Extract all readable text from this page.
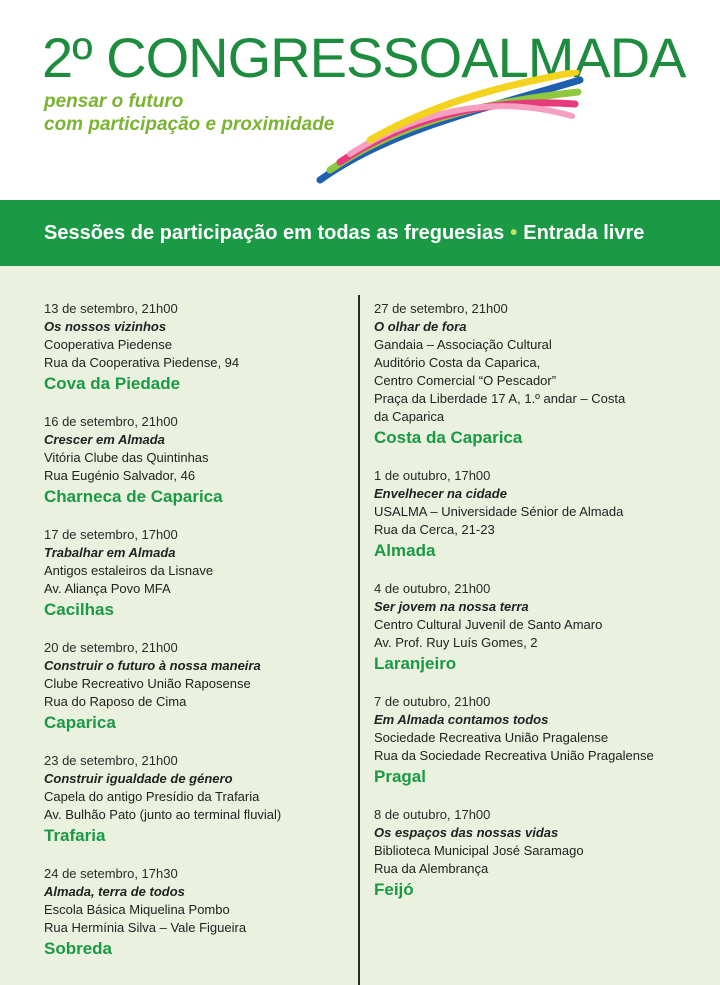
2º CONGRESSOALMADA
pensar o futuro
com participação e proximidade
Sessões de participação em todas as freguesias • Entrada livre
13 de setembro, 21h00
Os nossos vizinhos
Cooperativa Piedense
Rua da Cooperativa Piedense, 94
Cova da Piedade
16 de setembro, 21h00
Crescer em Almada
Vitória Clube das Quintinhas
Rua Eugénio Salvador, 46
Charneca de Caparica
17 de setembro, 17h00
Trabalhar em Almada
Antigos estaleiros da Lisnave
Av. Aliança Povo MFA
Cacilhas
20 de setembro, 21h00
Construir o futuro à nossa maneira
Clube Recreativo União Raposense
Rua do Raposo de Cima
Caparica
23 de setembro, 21h00
Construir igualdade de género
Capela do antigo Presídio da Trafaria
Av. Bulhão Pato (junto ao terminal fluvial)
Trafaria
24 de setembro, 17h30
Almada, terra de todos
Escola Básica Miquelina Pombo
Rua Hermínia Silva – Vale Figueira
Sobreda
27 de setembro, 21h00
O olhar de fora
Gandaia – Associação Cultural
Auditório Costa da Caparica,
Centro Comercial “O Pescador”
Praça da Liberdade 17 A, 1.º andar – Costa
da Caparica
Costa da Caparica
1 de outubro, 17h00
Envelhecer na cidade
USALMA – Universidade Sénior de Almada
Rua da Cerca, 21-23
Almada
4 de outubro, 21h00
Ser jovem na nossa terra
Centro Cultural Juvenil de Santo Amaro
Av. Prof. Ruy Luís Gomes, 2
Laranjeiro
7 de outubro, 21h00
Em Almada contamos todos
Sociedade Recreativa União Pragalense
Rua da Sociedade Recreativa União Pragalense
Pragal
8 de outubro, 17h00
Os espaços das nossas vidas
Biblioteca Municipal José Saramago
Rua da Alembrança
Feijó
